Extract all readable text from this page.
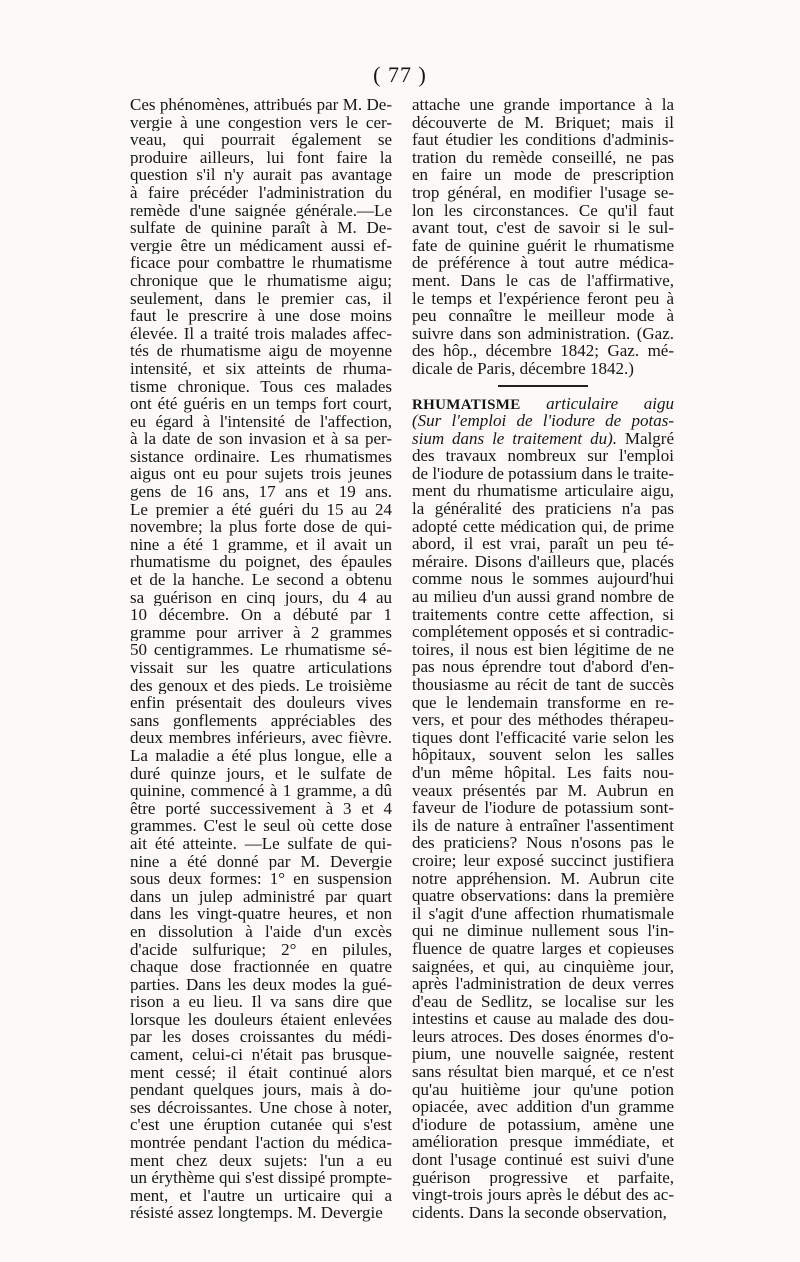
( 77 )
Ces phénomènes, attribués par M. De-
vergie à une congestion vers le cer-
veau, qui pourrait également se
produire ailleurs, lui font faire la
question s'il n'y aurait pas avantage
à faire précéder l'administration du
remède d'une saignée générale.—Le
sulfate de quinine paraît à M. De-
vergie être un médicament aussi ef-
ficace pour combattre le rhumatisme
chronique que le rhumatisme aigu;
seulement, dans le premier cas, il
faut le prescrire à une dose moins
élevée. Il a traité trois malades affec-
tés de rhumatisme aigu de moyenne
intensité, et six atteints de rhuma-
tisme chronique. Tous ces malades
ont été guéris en un temps fort court,
eu égard à l'intensité de l'affection,
à la date de son invasion et à sa per-
sistance ordinaire. Les rhumatismes
aigus ont eu pour sujets trois jeunes
gens de 16 ans, 17 ans et 19 ans.
Le premier a été guéri du 15 au 24
novembre; la plus forte dose de qui-
nine a été 1 gramme, et il avait un
rhumatisme du poignet, des épaules
et de la hanche. Le second a obtenu
sa guérison en cinq jours, du 4 au
10 décembre. On a débuté par 1
gramme pour arriver à 2 grammes
50 centigrammes. Le rhumatisme sé-
vissait sur les quatre articulations
des genoux et des pieds. Le troisième
enfin présentait des douleurs vives
sans gonflements appréciables des
deux membres inférieurs, avec fièvre.
La maladie a été plus longue, elle a
duré quinze jours, et le sulfate de
quinine, commencé à 1 gramme, a dû
être porté successivement à 3 et 4
grammes. C'est le seul où cette dose
ait été atteinte. —Le sulfate de qui-
nine a été donné par M. Devergie
sous deux formes: 1° en suspension
dans un julep administré par quart
dans les vingt-quatre heures, et non
en dissolution à l'aide d'un excès
d'acide sulfurique; 2° en pilules,
chaque dose fractionnée en quatre
parties. Dans les deux modes la gué-
rison a eu lieu. Il va sans dire que
lorsque les douleurs étaient enlevées
par les doses croissantes du médi-
cament, celui-ci n'était pas brusque-
ment cessé; il était continué alors
pendant quelques jours, mais à do-
ses décroissantes. Une chose à noter,
c'est une éruption cutanée qui s'est
montrée pendant l'action du médica-
ment chez deux sujets: l'un a eu
un érythème qui s'est dissipé prompte-
ment, et l'autre un urticaire qui a
résisté assez longtemps. M. Devergie
attache une grande importance à la
découverte de M. Briquet; mais il
faut étudier les conditions d'adminis-
tration du remède conseillé, ne pas
en faire un mode de prescription
trop général, en modifier l'usage se-
lon les circonstances. Ce qu'il faut
avant tout, c'est de savoir si le sul-
fate de quinine guérit le rhumatisme
de préférence à tout autre médica-
ment. Dans le cas de l'affirmative,
le temps et l'expérience feront peu à
peu connaître le meilleur mode à
suivre dans son administration. (Gaz.
des hôp., décembre 1842; Gaz. mé-
dicale de Paris, décembre 1842.)
RHUMATISME articulaire aigu
(Sur l'emploi de l'iodure de potas-
sium dans le traitement du). Malgré
des travaux nombreux sur l'emploi
de l'iodure de potassium dans le traite-
ment du rhumatisme articulaire aigu,
la généralité des praticiens n'a pas
adopté cette médication qui, de prime
abord, il est vrai, paraît un peu té-
méraire. Disons d'ailleurs que, placés
comme nous le sommes aujourd'hui
au milieu d'un aussi grand nombre de
traitements contre cette affection, si
complétement opposés et si contradic-
toires, il nous est bien légitime de ne
pas nous éprendre tout d'abord d'en-
thousiasme au récit de tant de succès
que le lendemain transforme en re-
vers, et pour des méthodes thérapeu-
tiques dont l'efficacité varie selon les
hôpitaux, souvent selon les salles
d'un même hôpital. Les faits nou-
veaux présentés par M. Aubrun en
faveur de l'iodure de potassium sont-
ils de nature à entraîner l'assentiment
des praticiens? Nous n'osons pas le
croire; leur exposé succinct justifiera
notre appréhension. M. Aubrun cite
quatre observations: dans la première
il s'agit d'une affection rhumatismale
qui ne diminue nullement sous l'in-
fluence de quatre larges et copieuses
saignées, et qui, au cinquième jour,
après l'administration de deux verres
d'eau de Sedlitz, se localise sur les
intestins et cause au malade des dou-
leurs atroces. Des doses énormes d'o-
pium, une nouvelle saignée, restent
sans résultat bien marqué, et ce n'est
qu'au huitième jour qu'une potion
opiacée, avec addition d'un gramme
d'iodure de potassium, amène une
amélioration presque immédiate, et
dont l'usage continué est suivi d'une
guérison progressive et parfaite,
vingt-trois jours après le début des ac-
cidents. Dans la seconde observation,
